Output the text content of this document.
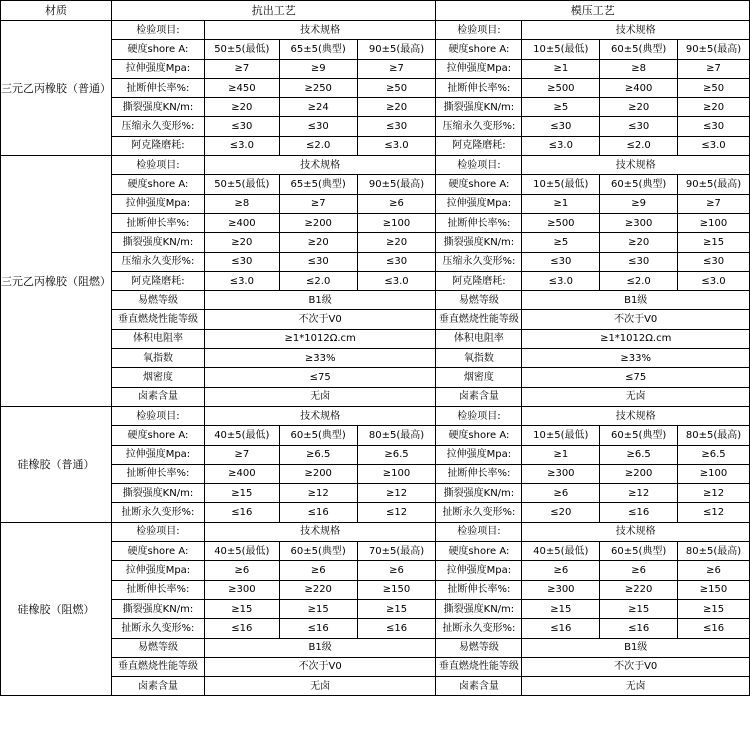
材质	抗出工艺				模压工艺			
三元乙丙橡胶（普通）	检验项目:	技术规格			检验项目:	技术规格		
	硬度shore A:	50±5(最低)	65±5(典型)	90±5(最高)	硬度shore A:	10±5(最低)	60±5(典型)	90±5(最高)
	拉伸强度Mpa:	≥7	≥9	≥7	拉伸强度Mpa:	≥1	≥8	≥7
	扯断伸长率%:	≥450	≥250	≥50	扯断伸长率%:	≥500	≥400	≥50
	撕裂强度KN/m:	≥20	≥24	≥20	撕裂强度KN/m:	≥5	≥20	≥20
	压缩永久变形%:	≤30	≤30	≤30	压缩永久变形%:	≤30	≤30	≤30
	阿克隆磨耗:	≤3.0	≤2.0	≤3.0	阿克隆磨耗:	≤3.0	≤2.0	≤3.0
三元乙丙橡胶（阻燃）	检验项目:	技术规格			检验项目:	技术规格		
	硬度shore A:	50±5(最低)	65±5(典型)	90±5(最高)	硬度shore A:	10±5(最低)	60±5(典型)	90±5(最高)
	拉伸强度Mpa:	≥8	≥7	≥6	拉伸强度Mpa:	≥1	≥9	≥7
	扯断伸长率%:	≥400	≥200	≥100	扯断伸长率%:	≥500	≥300	≥100
	撕裂强度KN/m:	≥20	≥20	≥20	撕裂强度KN/m:	≥5	≥20	≥15
	压缩永久变形%:	≤30	≤30	≤30	压缩永久变形%:	≤30	≤30	≤30
	阿克隆磨耗:	≤3.0	≤2.0	≤3.0	阿克隆磨耗:	≤3.0	≤2.0	≤3.0
	易燃等级	B1级			易燃等级	B1级		
	垂直燃烧性能等级	不次于V0			垂直燃烧性能等级	不次于V0		
	体积电阻率	≥1*1012Ω.cm			体积电阻率	≥1*1012Ω.cm		
	氧指数	≥33%			氧指数	≥33%		
	烟密度	≤75			烟密度	≤75		
	卤素含量	无卤			卤素含量	无卤		
硅橡胶（普通）	检验项目:	技术规格			检验项目:	技术规格		
	硬度shore A:	40±5(最低)	60±5(典型)	80±5(最高)	硬度shore A:	10±5(最低)	60±5(典型)	80±5(最高)
	拉伸强度Mpa:	≥7	≥6.5	≥6.5	拉伸强度Mpa:	≥1	≥6.5	≥6.5
	扯断伸长率%:	≥400	≥200	≥100	扯断伸长率%:	≥300	≥200	≥100
	撕裂强度KN/m:	≥15	≥12	≥12	撕裂强度KN/m:	≥6	≥12	≥12
	扯断永久变形%:	≤16	≤16	≤12	扯断永久变形%:	≤20	≤16	≤12
硅橡胶（阻燃）	检验项目:	技术规格			检验项目:	技术规格		
	硬度shore A:	40±5(最低)	60±5(典型)	70±5(最高)	硬度shore A:	40±5(最低)	60±5(典型)	80±5(最高)
	拉伸强度Mpa:	≥6	≥6	≥6	拉伸强度Mpa:	≥6	≥6	≥6
	扯断伸长率%:	≥300	≥220	≥150	扯断伸长率%:	≥300	≥220	≥150
	撕裂强度KN/m:	≥15	≥15	≥15	撕裂强度KN/m:	≥15	≥15	≥15
	扯断永久变形%:	≤16	≤16	≤16	扯断永久变形%:	≤16	≤16	≤16
	易燃等级	B1级			易燃等级	B1级		
	垂直燃烧性能等级	不次于V0			垂直燃烧性能等级	不次于V0		
	卤素含量	无卤			卤素含量	无卤		
